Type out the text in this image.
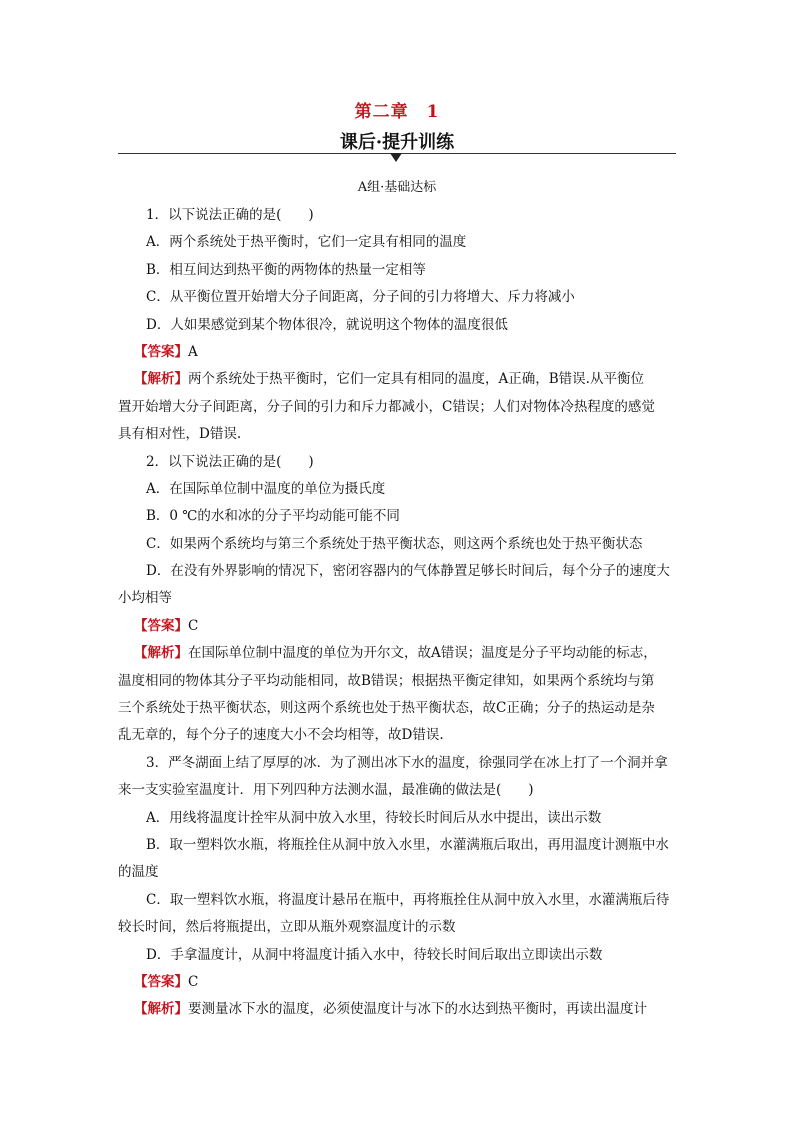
第二章　1
课后·提升训练
A组·基础达标
1．以下说法正确的是(　　)
A．两个系统处于热平衡时，它们一定具有相同的温度
B．相互间达到热平衡的两物体的热量一定相等
C．从平衡位置开始增大分子间距离，分子间的引力将增大、斥力将减小
D．人如果感觉到某个物体很冷，就说明这个物体的温度很低
【答案】A
【解析】两个系统处于热平衡时，它们一定具有相同的温度，A正确，B错误.从平衡位
置开始增大分子间距离，分子间的引力和斥力都减小，C错误；人们对物体冷热程度的感觉
具有相对性，D错误.
2．以下说法正确的是(　　)
A．在国际单位制中温度的单位为摄氏度
B．0 ℃的水和冰的分子平均动能可能不同
C．如果两个系统均与第三个系统处于热平衡状态，则这两个系统也处于热平衡状态
D．在没有外界影响的情况下，密闭容器内的气体静置足够长时间后，每个分子的速度大
小均相等
【答案】C
【解析】在国际单位制中温度的单位为开尔文，故A错误；温度是分子平均动能的标志，
温度相同的物体其分子平均动能相同，故B错误；根据热平衡定律知，如果两个系统均与第
三个系统处于热平衡状态，则这两个系统也处于热平衡状态，故C正确；分子的热运动是杂
乱无章的，每个分子的速度大小不会均相等，故D错误.
3．严冬湖面上结了厚厚的冰．为了测出冰下水的温度，徐强同学在冰上打了一个洞并拿
来一支实验室温度计．用下列四种方法测水温，最准确的做法是(　　)
A．用线将温度计拴牢从洞中放入水里，待较长时间后从水中提出，读出示数
B．取一塑料饮水瓶，将瓶拴住从洞中放入水里，水灌满瓶后取出，再用温度计测瓶中水
的温度
C．取一塑料饮水瓶，将温度计悬吊在瓶中，再将瓶拴住从洞中放入水里，水灌满瓶后待
较长时间，然后将瓶提出，立即从瓶外观察温度计的示数
D．手拿温度计，从洞中将温度计插入水中，待较长时间后取出立即读出示数
【答案】C
【解析】要测量冰下水的温度，必须使温度计与冰下的水达到热平衡时，再读出温度计
